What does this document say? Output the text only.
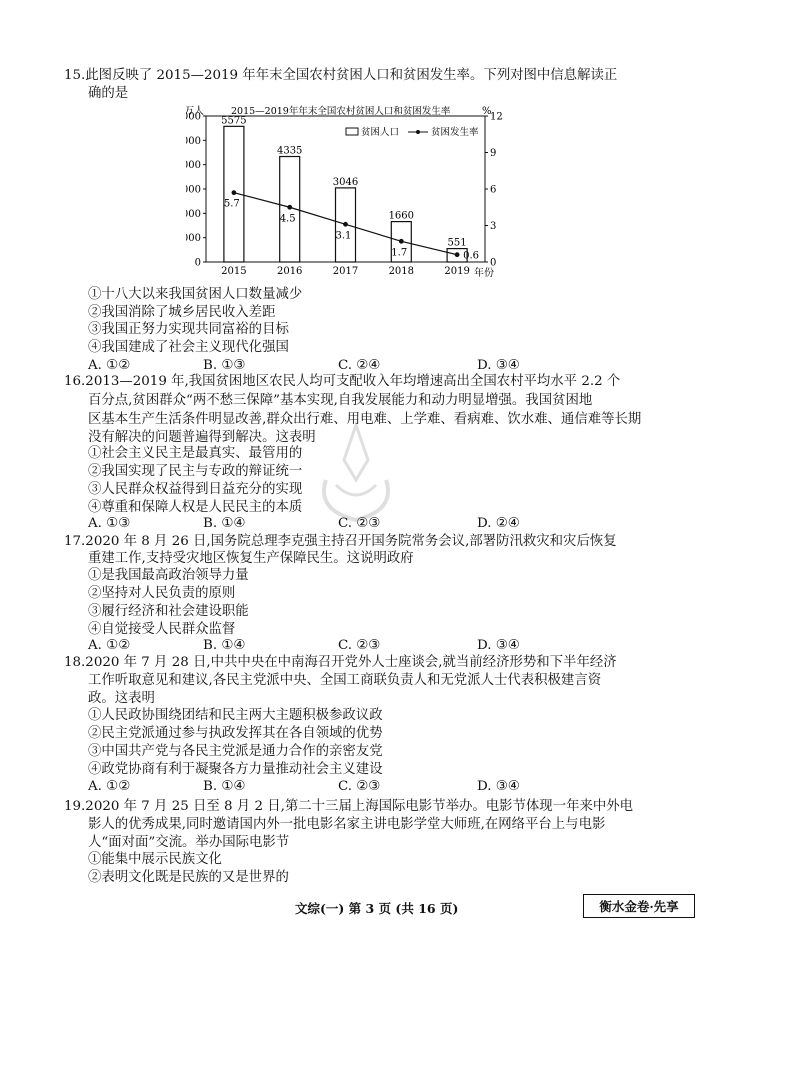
15.此图反映了 2015—2019 年年末全国农村贫困人口和贫困发生率。下列对图中信息解读正
确的是
万人	%
2015—2019年年末全国农村贫困人口和贫困发生率
年份
贫困人口	贫困发生率
0
00
00
00
00
00
00
0
3
6
9
12
5575
2015
4335
2016
3046
2017
1660
2018
551
2019
5.7
4.5
3.1
1.7	0.6
①十八大以来我国贫困人口数量减少
②我国消除了城乡居民收入差距
③我国正努力实现共同富裕的目标
④我国建成了社会主义现代化强国
A. ①②	B. ①③	C. ②④	D. ③④
16.2013—2019 年,我国贫困地区农民人均可支配收入年均增速高出全国农村平均水平 2.2 个
百分点,贫困群众“两不愁三保障”基本实现,自我发展能力和动力明显增强。我国贫困地
区基本生产生活条件明显改善,群众出行难、用电难、上学难、看病难、饮水难、通信难等长期
没有解决的问题普遍得到解决。这表明
①社会主义民主是最真实、最管用的
②我国实现了民主与专政的辩证统一
③人民群众权益得到日益充分的实现
④尊重和保障人权是人民民主的本质
A. ①③	B. ①④	C. ②③	D. ②④
17.2020 年 8 月 26 日,国务院总理李克强主持召开国务院常务会议,部署防汛救灾和灾后恢复
重建工作,支持受灾地区恢复生产保障民生。这说明政府
①是我国最高政治领导力量
②坚持对人民负责的原则
③履行经济和社会建设职能
④自觉接受人民群众监督
A. ①②	B. ①④	C. ②③	D. ③④
18.2020 年 7 月 28 日,中共中央在中南海召开党外人士座谈会,就当前经济形势和下半年经济
工作听取意见和建议,各民主党派中央、全国工商联负责人和无党派人士代表积极建言资
政。这表明
①人民政协围绕团结和民主两大主题积极参政议政
②民主党派通过参与执政发挥其在各自领域的优势
③中国共产党与各民主党派是通力合作的亲密友党
④政党协商有利于凝聚各方力量推动社会主义建设
A. ①②	B. ①④	C. ②③	D. ③④
19.2020 年 7 月 25 日至 8 月 2 日,第二十三届上海国际电影节举办。电影节体现一年来中外电
影人的优秀成果,同时邀请国内外一批电影名家主讲电影学堂大师班,在网络平台上与电影
人“面对面”交流。举办国际电影节
①能集中展示民族文化
②表明文化既是民族的又是世界的
文综(一) 第 3 页 (共 16 页)	衡水金卷·先享
